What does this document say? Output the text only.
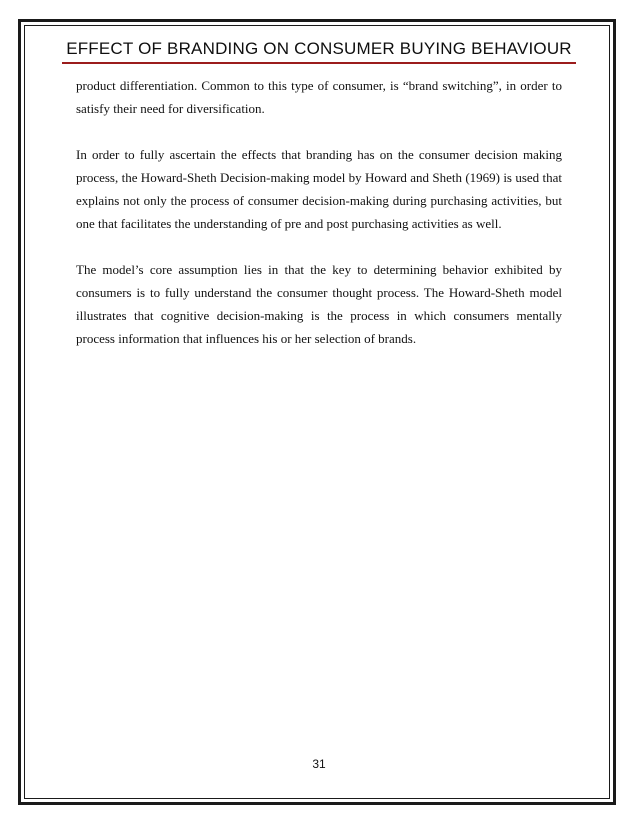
EFFECT OF BRANDING ON CONSUMER BUYING BEHAVIOUR

product differentiation. Common to this type of consumer, is “brand switching”, in order to satisfy their need for diversification.

In order to fully ascertain the effects that branding has on the consumer decision making process, the Howard-Sheth Decision-making model by Howard and Sheth (1969) is used that explains not only the process of consumer decision-making during purchasing activities, but one that facilitates the understanding of pre and post purchasing activities as well.

The model’s core assumption lies in that the key to determining behavior exhibited by consumers is to fully understand the consumer thought process. The Howard-Sheth model illustrates that cognitive decision-making is the process in which consumers mentally process information that influences his or her selection of brands.

31
